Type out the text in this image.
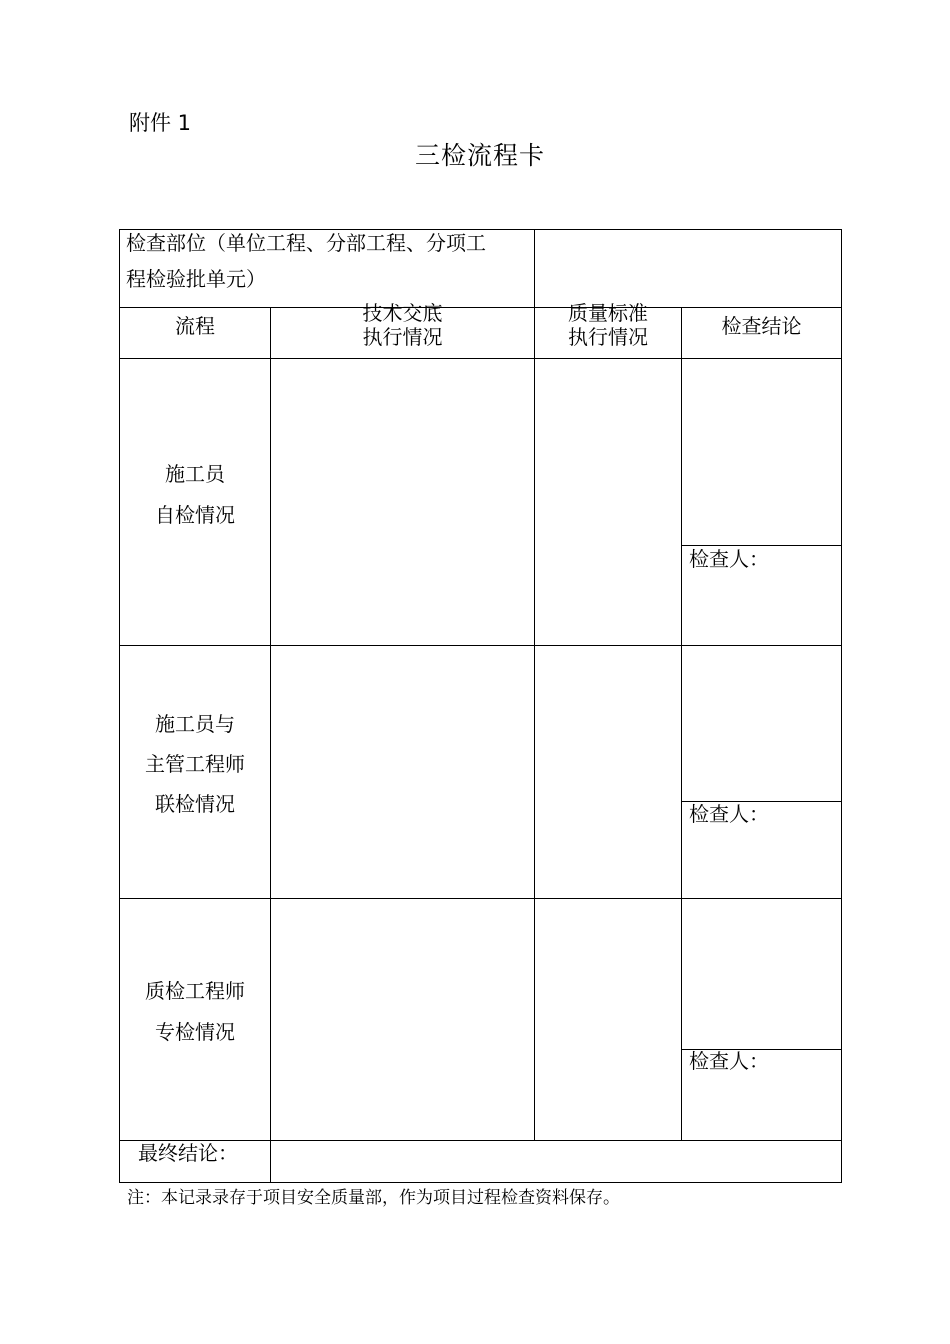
附件 1
三检流程卡
检查部位（单位工程、分部工程、分项工
程检验批单元）
流程
技术交底
执行情况
质量标准
执行情况	检查结论
施工员
自检情况
检查人：
施工员与
主管工程师
联检情况	检查人：
质检工程师
专检情况
检查人：
最终结论：
注：本记录录存于项目安全质量部，作为项目过程检查资料保存。
